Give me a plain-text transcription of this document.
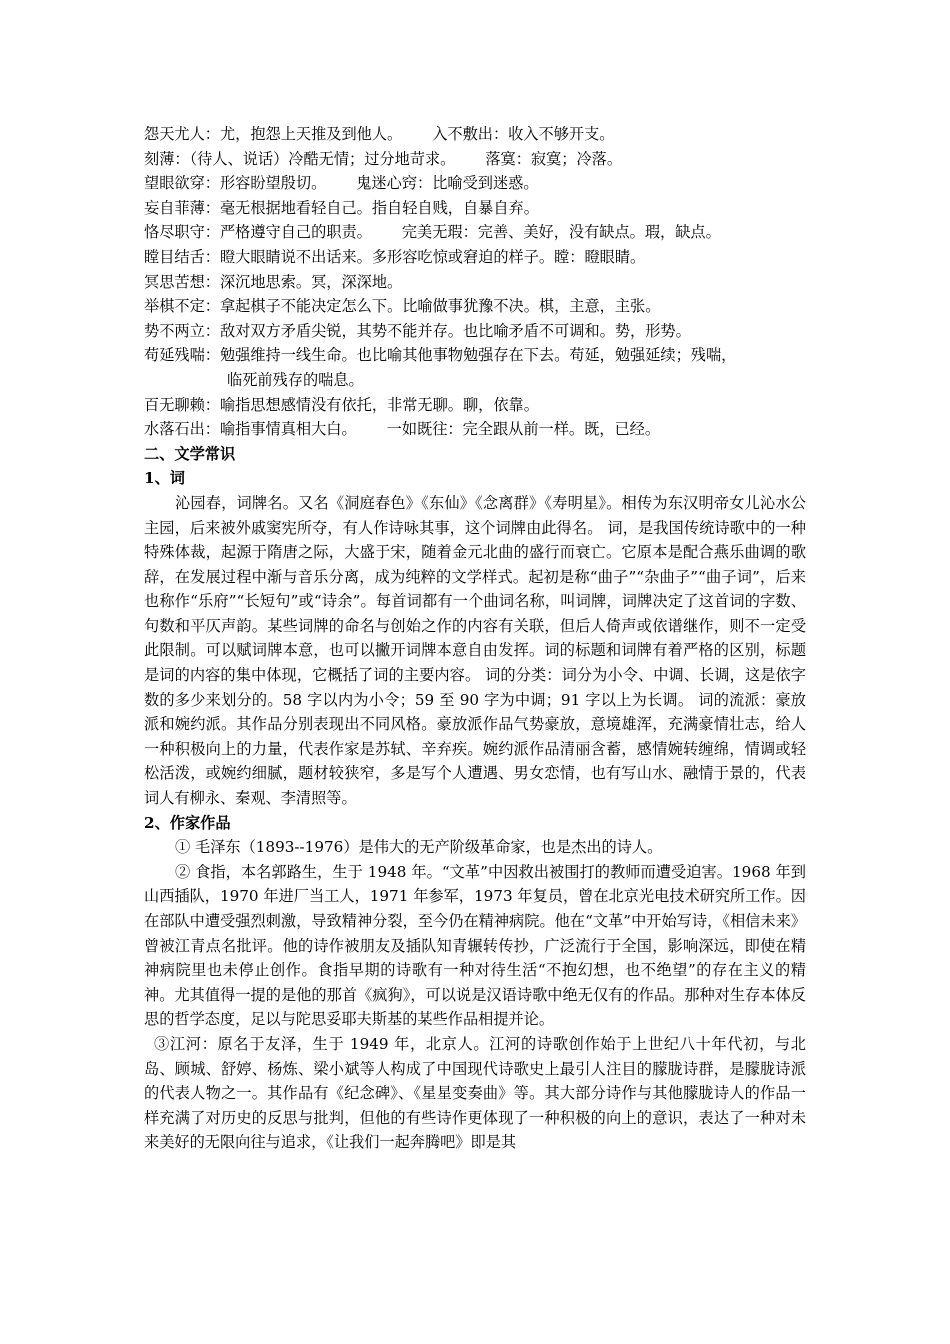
怨天尤人：尤，抱怨上天推及到他人。 入不敷出：收入不够开支。
刻薄：（待人、说话）冷酷无情；过分地苛求。 落寞：寂寞；冷落。
望眼欲穿：形容盼望殷切。 鬼迷心窍：比喻受到迷惑。
妄自菲薄：毫无根据地看轻自己。指自轻自贱，自暴自弃。
恪尽职守：严格遵守自己的职责。 完美无瑕：完善、美好，没有缺点。瑕，缺点。
瞠目结舌：瞪大眼睛说不出话来。多形容吃惊或窘迫的样子。瞠：瞪眼睛。
冥思苦想：深沉地思索。冥，深深地。
举棋不定：拿起棋子不能决定怎么下。比喻做事犹豫不决。棋，主意，主张。
势不两立：敌对双方矛盾尖锐，其势不能并存。也比喻矛盾不可调和。势，形势。
苟延残喘：勉强维持一线生命。也比喻其他事物勉强存在下去。苟延，勉强延续；残喘，
临死前残存的喘息。
百无聊赖：喻指思想感情没有依托，非常无聊。聊，依靠。
水落石出：喻指事情真相大白。 一如既往：完全跟从前一样。既，已经。
二、文学常识
1、词
沁园春，词牌名。又名《洞庭春色》《东仙》《念离群》《寿明星》。相传为东汉明帝女儿沁水公主园，后来被外戚窦宪所夺，有人作诗咏其事，这个词牌由此得名。 词，是我国传统诗歌中的一种特殊体裁，起源于隋唐之际，大盛于宋，随着金元北曲的盛行而衰亡。它原本是配合燕乐曲调的歌辞，在发展过程中渐与音乐分离，成为纯粹的文学样式。起初是称“曲子”“杂曲子”“曲子词”，后来也称作“乐府”“长短句”或“诗余”。每首词都有一个曲词名称，叫词牌，词牌决定了这首词的字数、句数和平仄声韵。某些词牌的命名与创始之作的内容有关联，但后人倚声或依谱继作，则不一定受此限制。可以赋词牌本意，也可以撇开词牌本意自由发挥。词的标题和词牌有着严格的区别，标题是词的内容的集中体现，它概括了词的主要内容。 词的分类：词分为小令、中调、长调，这是依字数的多少来划分的。58 字以内为小令；59 至 90 字为中调；91 字以上为长调。 词的流派：豪放派和婉约派。其作品分别表现出不同风格。豪放派作品气势豪放，意境雄浑，充满豪情壮志，给人一种积极向上的力量，代表作家是苏轼、辛弃疾。婉约派作品清丽含蓄，感情婉转缠绵，情调或轻松活泼，或婉约细腻，题材较狭窄，多是写个人遭遇、男女恋情，也有写山水、融情于景的，代表词人有柳永、秦观、李清照等。
2、作家作品
① 毛泽东（1893--1976）是伟大的无产阶级革命家，也是杰出的诗人。
② 食指，本名郭路生，生于 1948 年。“文革”中因救出被围打的教师而遭受迫害。1968 年到山西插队，1970 年进厂当工人，1971 年参军，1973 年复员，曾在北京光电技术研究所工作。因在部队中遭受强烈刺激，导致精神分裂，至今仍在精神病院。他在“文革”中开始写诗，《相信未来》曾被江青点名批评。他的诗作被朋友及插队知青辗转传抄，广泛流行于全国，影响深远，即使在精神病院里也未停止创作。食指早期的诗歌有一种对待生活“不抱幻想，也不绝望”的存在主义的精神。尤其值得一提的是他的那首《疯狗》，可以说是汉语诗歌中绝无仅有的作品。那种对生存本体反思的哲学态度，足以与陀思妥耶夫斯基的某些作品相提并论。
③江河：原名于友泽，生于 1949 年，北京人。江河的诗歌创作始于上世纪八十年代初，与北岛、顾城、舒婷、杨炼、梁小斌等人构成了中国现代诗歌史上最引人注目的朦胧诗群，是朦胧诗派的代表人物之一。其作品有《纪念碑》、《星星变奏曲》等。其大部分诗作与其他朦胧诗人的作品一样充满了对历史的反思与批判，但他的有些诗作更体现了一种积极的向上的意识，表达了一种对未来美好的无限向往与追求，《让我们一起奔腾吧》即是其
